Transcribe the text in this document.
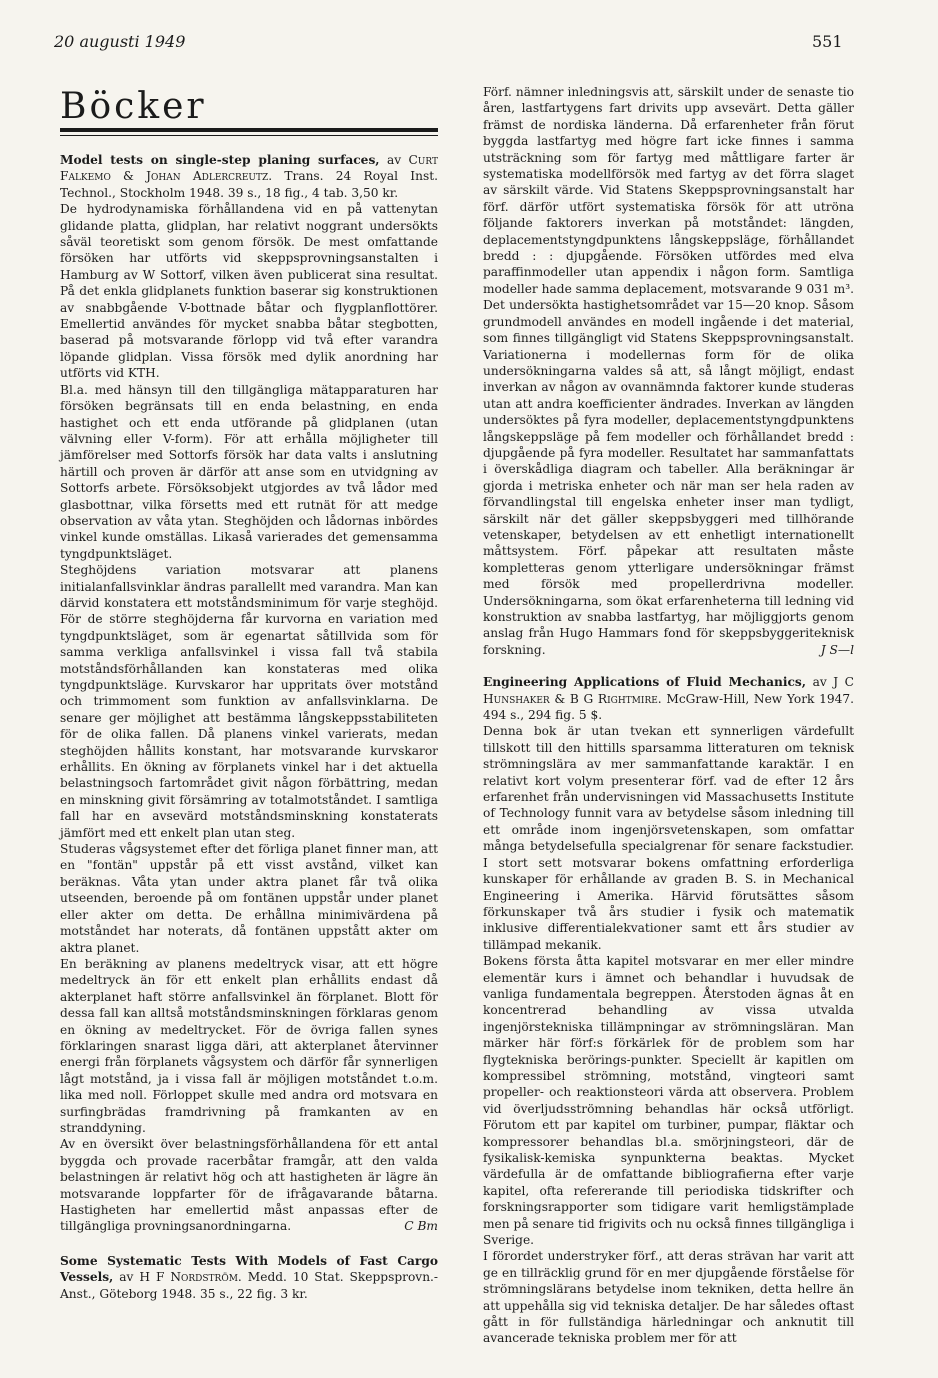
20 augusti 1949	551
Böcker

Model tests on single-step planing surfaces, av Curt Falkemo & Johan Adlercreutz. Trans. 24 Royal Inst. Technol., Stockholm 1948. 39 s., 18 fig., 4 tab. 3,50 kr.

De hydrodynamiska förhållandena vid en på vattenytan glidande platta, glidplan, har relativt noggrant undersökts såväl teoretiskt som genom försök. De mest omfattande försöken har utförts vid skeppsprovningsanstalten i Hamburg av W Sottorf, vilken även publicerat sina resultat. På det enkla glidplanets funktion baserar sig konstruktionen av snabbgående V-bottnade båtar och flygplanflottörer. Emellertid användes för mycket snabba båtar stegbotten, baserad på motsvarande förlopp vid två efter varandra löpande glidplan. Vissa försök med dylik anordning har utförts vid KTH.

Bl.a. med hänsyn till den tillgängliga mätapparaturen har försöken begränsats till en enda belastning, en enda hastighet och ett enda utförande på glidplanen (utan välvning eller V-form). För att erhålla möjligheter till jämförelser med Sottorfs försök har data valts i anslutning härtill och proven är därför att anse som en utvidgning av Sottorfs arbete. Försöksobjekt utgjordes av två lådor med glasbottnar, vilka försetts med ett rutnät för att medge observation av våta ytan. Steghöjden och lådornas inbördes vinkel kunde omställas. Likaså varierades det gemensamma tyngdpunktsläget.

Steghöjdens variation motsvarar att planens initialanfallsvinklar ändras parallellt med varandra. Man kan därvid konstatera ett motståndsminimum för varje steghöjd. För de större steghöjderna får kurvorna en variation med tyngdpunktsläget, som är egenartat såtillvida som för samma verkliga anfallsvinkel i vissa fall två stabila motståndsförhållanden kan konstateras med olika tyngdpunktsläge. Kurvskaror har uppritats över motstånd och trimmoment som funktion av anfallsvinklarna. De senare ger möjlighet att bestämma långskeppsstabiliteten för de olika fallen. Då planens vinkel varierats, medan steghöjden hållits konstant, har motsvarande kurvskaror erhållits. En ökning av förplanets vinkel har i det aktuella belastningsoch fartområdet givit någon förbättring, medan en minskning givit försämring av totalmotståndet. I samtliga fall har en avsevärd motståndsminskning konstaterats jämfört med ett enkelt plan utan steg.

Studeras vågsystemet efter det förliga planet finner man, att en "fontän" uppstår på ett visst avstånd, vilket kan beräknas. Våta ytan under aktra planet får två olika utseenden, beroende på om fontänen uppstår under planet eller akter om detta. De erhållna minimivärdena på motståndet har noterats, då fontänen uppstått akter om aktra planet.

En beräkning av planens medeltryck visar, att ett högre medeltryck än för ett enkelt plan erhållits endast då akterplanet haft större anfallsvinkel än förplanet. Blott för dessa fall kan alltså motståndsminskningen förklaras genom en ökning av medeltrycket. För de övriga fallen synes förklaringen snarast ligga däri, att akterplanet återvinner energi från förplanets vågsystem och därför får synnerligen lågt motstånd, ja i vissa fall är möjligen motståndet t.o.m. lika med noll. Förloppet skulle med andra ord motsvara en surfingbrädas framdrivning på framkanten av en stranddyning.

Av en översikt över belastningsförhållandena för ett antal byggda och provade racerbåtar framgår, att den valda belastningen är relativt hög och att hastigheten är lägre än motsvarande loppfarter för de ifrågavarande båtarna. Hastigheten har emellertid måst anpassas efter de tillgängliga provningsanordningarna.	C Bm

Some Systematic Tests With Models of Fast Cargo Vessels, av H F Nordström. Medd. 10 Stat. Skeppsprovn.-Anst., Göteborg 1948. 35 s., 22 fig. 3 kr.

Förf. nämner inledningsvis att, särskilt under de senaste tio åren, lastfartygens fart drivits upp avsevärt. Detta gäller främst de nordiska länderna. Då erfarenheter från förut byggda lastfartyg med högre fart icke finnes i samma utsträckning som för fartyg med måttligare farter är systematiska modellförsök med fartyg av det förra slaget av särskilt värde. Vid Statens Skeppsprovningsanstalt har förf. därför utfört systematiska försök för att utröna följande faktorers inverkan på motståndet: längden, deplacementstyngdpunktens långskeppsläge, förhållandet bredd : : djupgående. Försöken utfördes med elva paraffinmodeller utan appendix i någon form. Samtliga modeller hade samma deplacement, motsvarande 9 031 m³. Det undersökta hastighetsområdet var 15—20 knop. Såsom grundmodell användes en modell ingående i det material, som finnes tillgängligt vid Statens Skeppsprovningsanstalt. Variationerna i modellernas form för de olika undersökningarna valdes så att, så långt möjligt, endast inverkan av någon av ovannämnda faktorer kunde studeras utan att andra koefficienter ändrades. Inverkan av längden undersöktes på fyra modeller, deplacementstyngdpunktens långskeppsläge på fem modeller och förhållandet bredd : djupgående på fyra modeller. Resultatet har sammanfattats i överskådliga diagram och tabeller. Alla beräkningar är gjorda i metriska enheter och när man ser hela raden av förvandlingstal till engelska enheter inser man tydligt, särskilt när det gäller skeppsbyggeri med tillhörande vetenskaper, betydelsen av ett enhetligt internationellt måttsystem. Förf. påpekar att resultaten måste kompletteras genom ytterligare undersökningar främst med försök med propellerdrivna modeller. Undersökningarna, som ökat erfarenheterna till ledning vid konstruktion av snabba lastfartyg, har möjliggjorts genom anslag från Hugo Hammars fond för skeppsbyggeriteknisk forskning.	J S—l

Engineering Applications of Fluid Mechanics, av J C Hunshaker & B G Rightmire. McGraw-Hill, New York 1947. 494 s., 294 fig. 5 $.

Denna bok är utan tvekan ett synnerligen värdefullt tillskott till den hittills sparsamma litteraturen om teknisk strömningslära av mer sammanfattande karaktär. I en relativt kort volym presenterar förf. vad de efter 12 års erfarenhet från undervisningen vid Massachusetts Institute of Technology funnit vara av betydelse såsom inledning till ett område inom ingenjörsvetenskapen, som omfattar många betydelsefulla specialgrenar för senare fackstudier. I stort sett motsvarar bokens omfattning erforderliga kunskaper för erhållande av graden B. S. in Mechanical Engineering i Amerika. Härvid förutsättes såsom förkunskaper två års studier i fysik och matematik inklusive differentialekvationer samt ett års studier av tillämpad mekanik.

Bokens första åtta kapitel motsvarar en mer eller mindre elementär kurs i ämnet och behandlar i huvudsak de vanliga fundamentala begreppen. Återstoden ägnas åt en koncentrerad behandling av vissa utvalda ingenjörstekniska tillämpningar av strömningsläran. Man märker här förf:s förkärlek för de problem som har flygtekniska berörings-punkter. Speciellt är kapitlen om kompressibel strömning, motstånd, vingteori samt propeller- och reaktionsteori värda att observera. Problem vid överljudsströmning behandlas här också utförligt. Förutom ett par kapitel om turbiner, pumpar, fläktar och kompressorer behandlas bl.a. smörjningsteori, där de fysikalisk-kemiska synpunkterna beaktas. Mycket värdefulla är de omfattande bibliografierna efter varje kapitel, ofta refererande till periodiska tidskrifter och forskningsrapporter som tidigare varit hemligstämplade men på senare tid frigivits och nu också finnes tillgängliga i Sverige.

I förordet understryker förf., att deras strävan har varit att ge en tillräcklig grund för en mer djupgående förståelse för strömningslärans betydelse inom tekniken, detta hellre än att uppehålla sig vid tekniska detaljer. De har således oftast gått in för fullständiga härledningar och anknutit till avancerade tekniska problem mer för att
